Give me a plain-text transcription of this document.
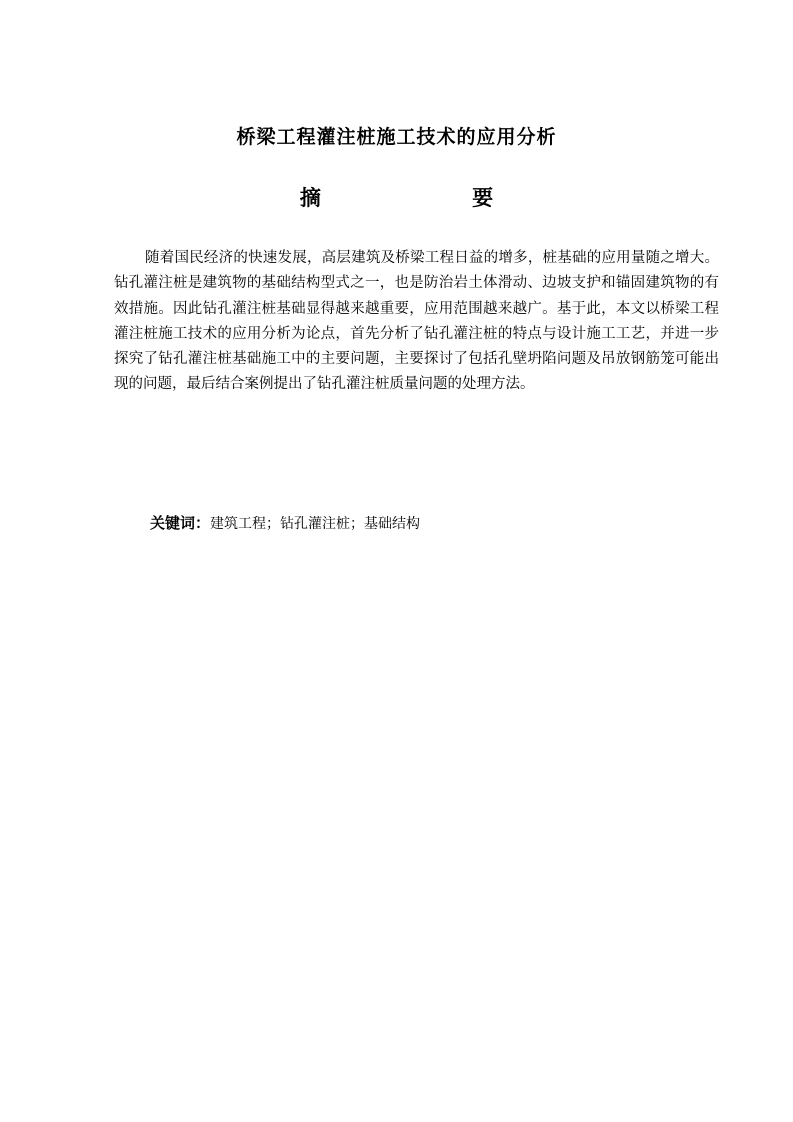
桥梁工程灌注桩施工技术的应用分析
摘 要

随着国民经济的快速发展，高层建筑及桥梁工程日益的增多，桩基础的应用量随之增大。钻孔灌注桩是建筑物的基础结构型式之一，也是防治岩土体滑动、边坡支护和锚固建筑物的有效措施。因此钻孔灌注桩基础显得越来越重要，应用范围越来越广。基于此，本文以桥梁工程灌注桩施工技术的应用分析为论点，首先分析了钻孔灌注桩的特点与设计施工工艺，并进一步探究了钻孔灌注桩基础施工中的主要问题，主要探讨了包括孔壁坍陷问题及吊放钢筋笼可能出现的问题，最后结合案例提出了钻孔灌注桩质量问题的处理方法。

关键词：建筑工程；钻孔灌注桩；基础结构
